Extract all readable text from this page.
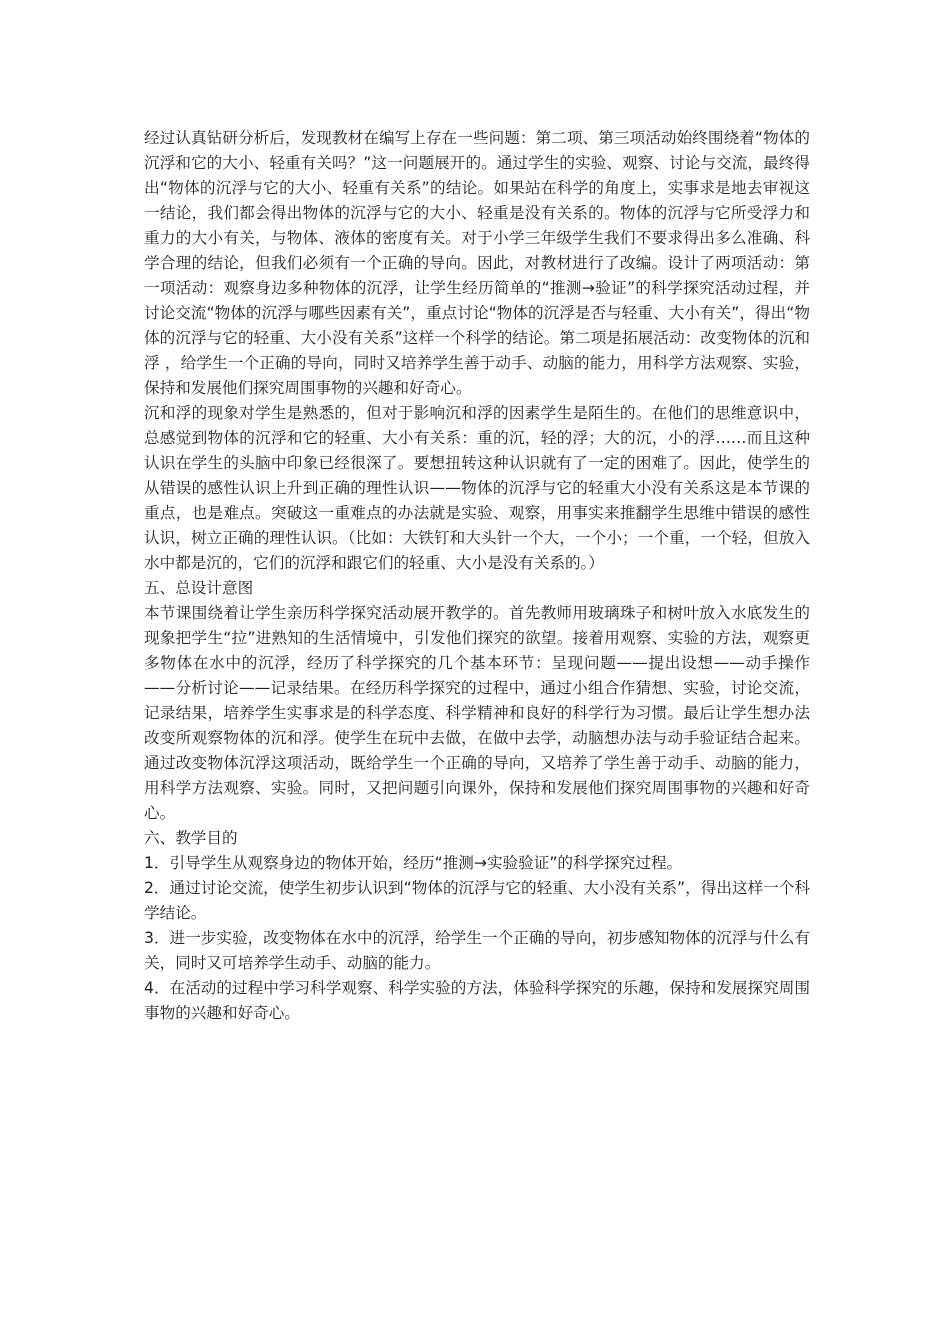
经过认真钻研分析后，发现教材在编写上存在一些问题：第二项、第三项活动始终围绕着“物体的沉浮和它的大小、轻重有关吗？”这一问题展开的。通过学生的实验、观察、讨论与交流，最终得出“物体的沉浮与它的大小、轻重有关系”的结论。如果站在科学的角度上，实事求是地去审视这一结论，我们都会得出物体的沉浮与它的大小、轻重是没有关系的。物体的沉浮与它所受浮力和重力的大小有关，与物体、液体的密度有关。对于小学三年级学生我们不要求得出多么准确、科学合理的结论，但我们必须有一个正确的导向。因此，对教材进行了改编。设计了两项活动：第一项活动：观察身边多种物体的沉浮，让学生经历简单的“推测→验证”的科学探究活动过程，并讨论交流“物体的沉浮与哪些因素有关”，重点讨论“物体的沉浮是否与轻重、大小有关”，得出“物体的沉浮与它的轻重、大小没有关系”这样一个科学的结论。第二项是拓展活动：改变物体的沉和浮 ，给学生一个正确的导向，同时又培养学生善于动手、动脑的能力，用科学方法观察、实验，保持和发展他们探究周围事物的兴趣和好奇心。

沉和浮的现象对学生是熟悉的，但对于影响沉和浮的因素学生是陌生的。在他们的思维意识中，总感觉到物体的沉浮和它的轻重、大小有关系：重的沉，轻的浮；大的沉，小的浮……而且这种认识在学生的头脑中印象已经很深了。要想扭转这种认识就有了一定的困难了。因此，使学生的从错误的感性认识上升到正确的理性认识——物体的沉浮与它的轻重大小没有关系这是本节课的重点，也是难点。突破这一重难点的办法就是实验、观察，用事实来推翻学生思维中错误的感性认识，树立正确的理性认识。（比如：大铁钉和大头针一个大，一个小；一个重，一个轻，但放入水中都是沉的，它们的沉浮和跟它们的轻重、大小是没有关系的。）

五、总设计意图

本节课围绕着让学生亲历科学探究活动展开教学的。首先教师用玻璃珠子和树叶放入水底发生的现象把学生“拉”进熟知的生活情境中，引发他们探究的欲望。接着用观察、实验的方法，观察更多物体在水中的沉浮，经历了科学探究的几个基本环节：呈现问题——提出设想——动手操作——分析讨论——记录结果。在经历科学探究的过程中，通过小组合作猜想、实验，讨论交流，记录结果，培养学生实事求是的科学态度、科学精神和良好的科学行为习惯。最后让学生想办法改变所观察物体的沉和浮。使学生在玩中去做，在做中去学，动脑想办法与动手验证结合起来。通过改变物体沉浮这项活动，既给学生一个正确的导向，又培养了学生善于动手、动脑的能力，用科学方法观察、实验。同时，又把问题引向课外，保持和发展他们探究周围事物的兴趣和好奇心。

六、教学目的

1．引导学生从观察身边的物体开始，经历“推测→实验验证”的科学探究过程。

2．通过讨论交流，使学生初步认识到“物体的沉浮与它的轻重、大小没有关系”，得出这样一个科学结论。

3．进一步实验，改变物体在水中的沉浮，给学生一个正确的导向，初步感知物体的沉浮与什么有关，同时又可培养学生动手、动脑的能力。

4．在活动的过程中学习科学观察、科学实验的方法，体验科学探究的乐趣，保持和发展探究周围事物的兴趣和好奇心。
